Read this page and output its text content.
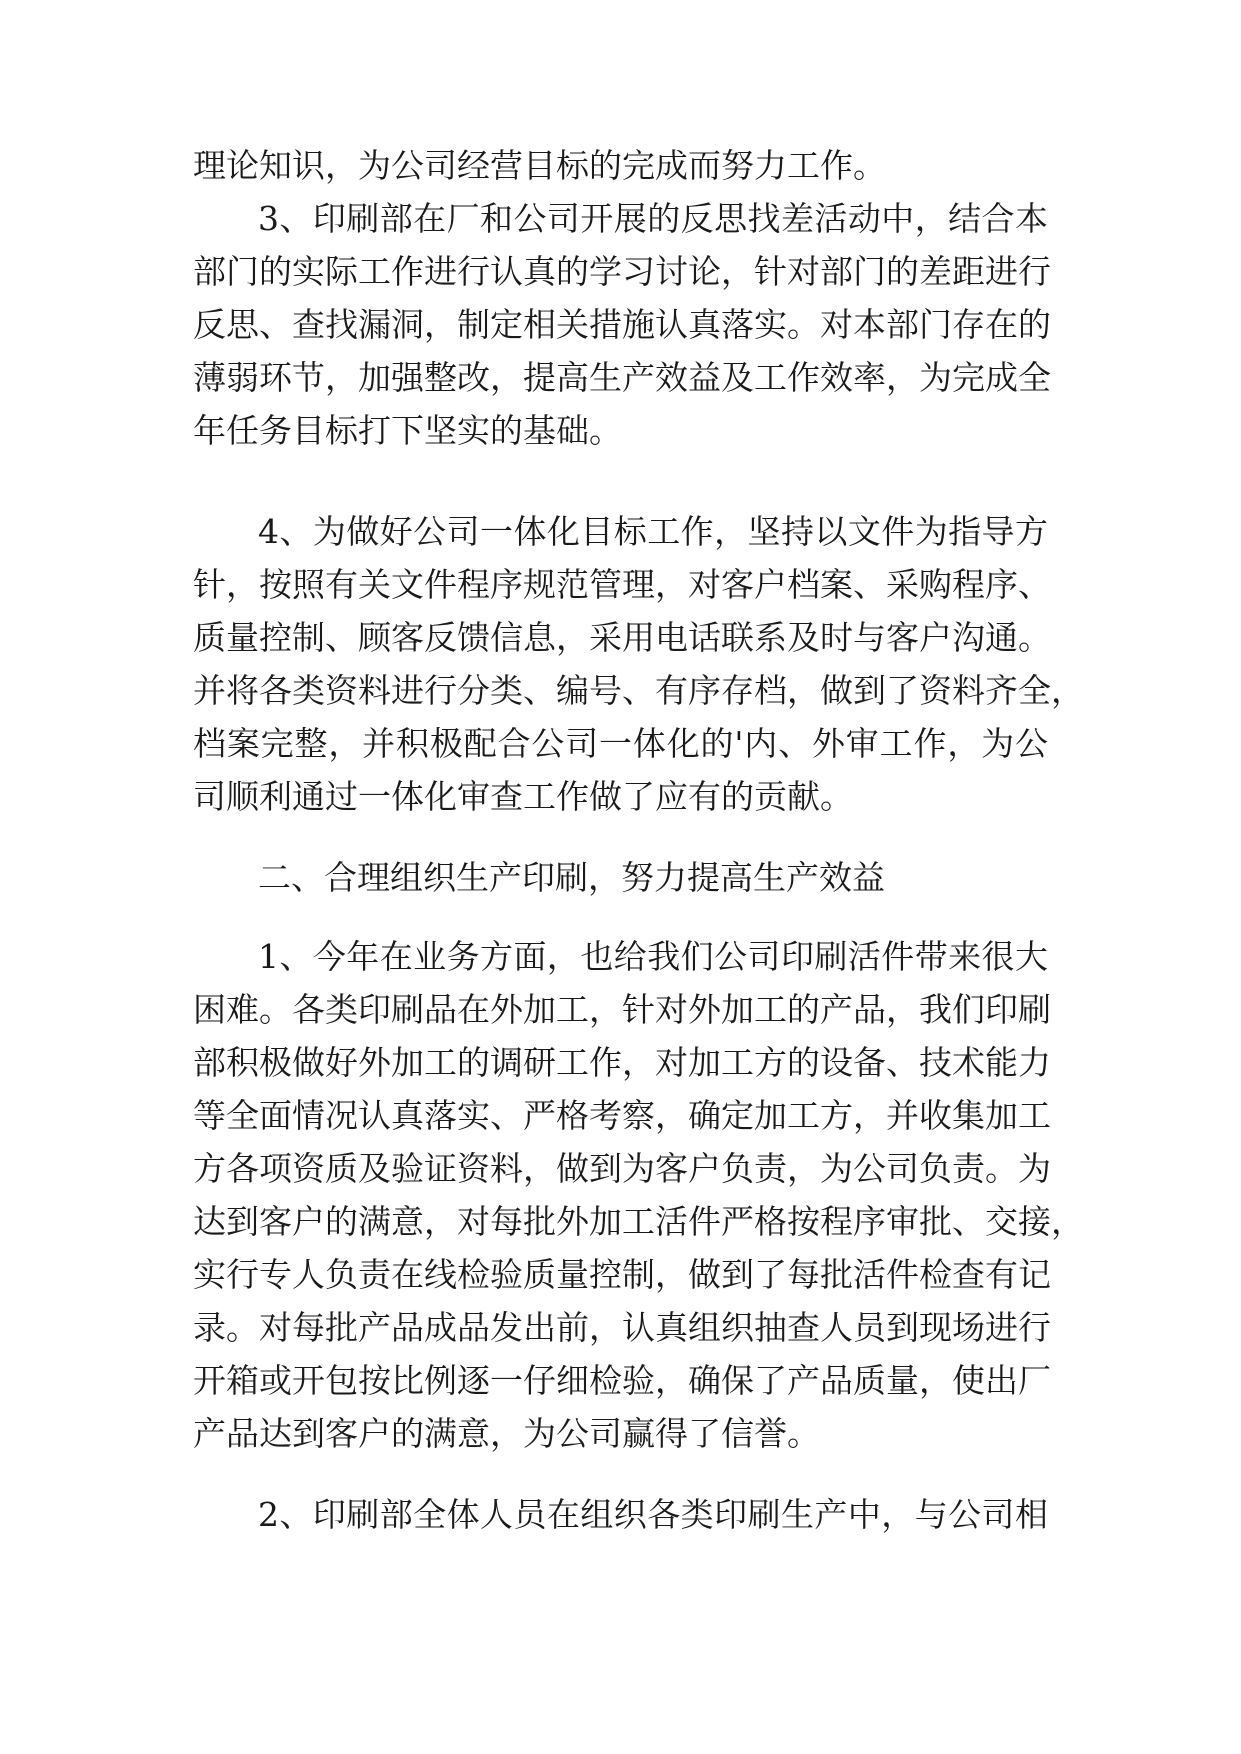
理论知识，为公司经营目标的完成而努力工作。

3、印刷部在厂和公司开展的反思找差活动中，结合本

部门的实际工作进行认真的学习讨论，针对部门的差距进行

反思、查找漏洞，制定相关措施认真落实。对本部门存在的

薄弱环节，加强整改，提高生产效益及工作效率，为完成全

年任务目标打下坚实的基础。

4、为做好公司一体化目标工作，坚持以文件为指导方

针，按照有关文件程序规范管理，对客户档案、采购程序、

质量控制、顾客反馈信息，采用电话联系及时与客户沟通。

并将各类资料进行分类、编号、有序存档，做到了资料齐全，

档案完整，并积极配合公司一体化的'内、外审工作，为公

司顺利通过一体化审查工作做了应有的贡献。

二、合理组织生产印刷，努力提高生产效益

1、今年在业务方面，也给我们公司印刷活件带来很大

困难。各类印刷品在外加工，针对外加工的产品，我们印刷

部积极做好外加工的调研工作，对加工方的设备、技术能力

等全面情况认真落实、严格考察，确定加工方，并收集加工

方各项资质及验证资料，做到为客户负责，为公司负责。为

达到客户的满意，对每批外加工活件严格按程序审批、交接，

实行专人负责在线检验质量控制，做到了每批活件检查有记

录。对每批产品成品发出前，认真组织抽查人员到现场进行

开箱或开包按比例逐一仔细检验，确保了产品质量，使出厂

产品达到客户的满意，为公司赢得了信誉。

2、印刷部全体人员在组织各类印刷生产中，与公司相
